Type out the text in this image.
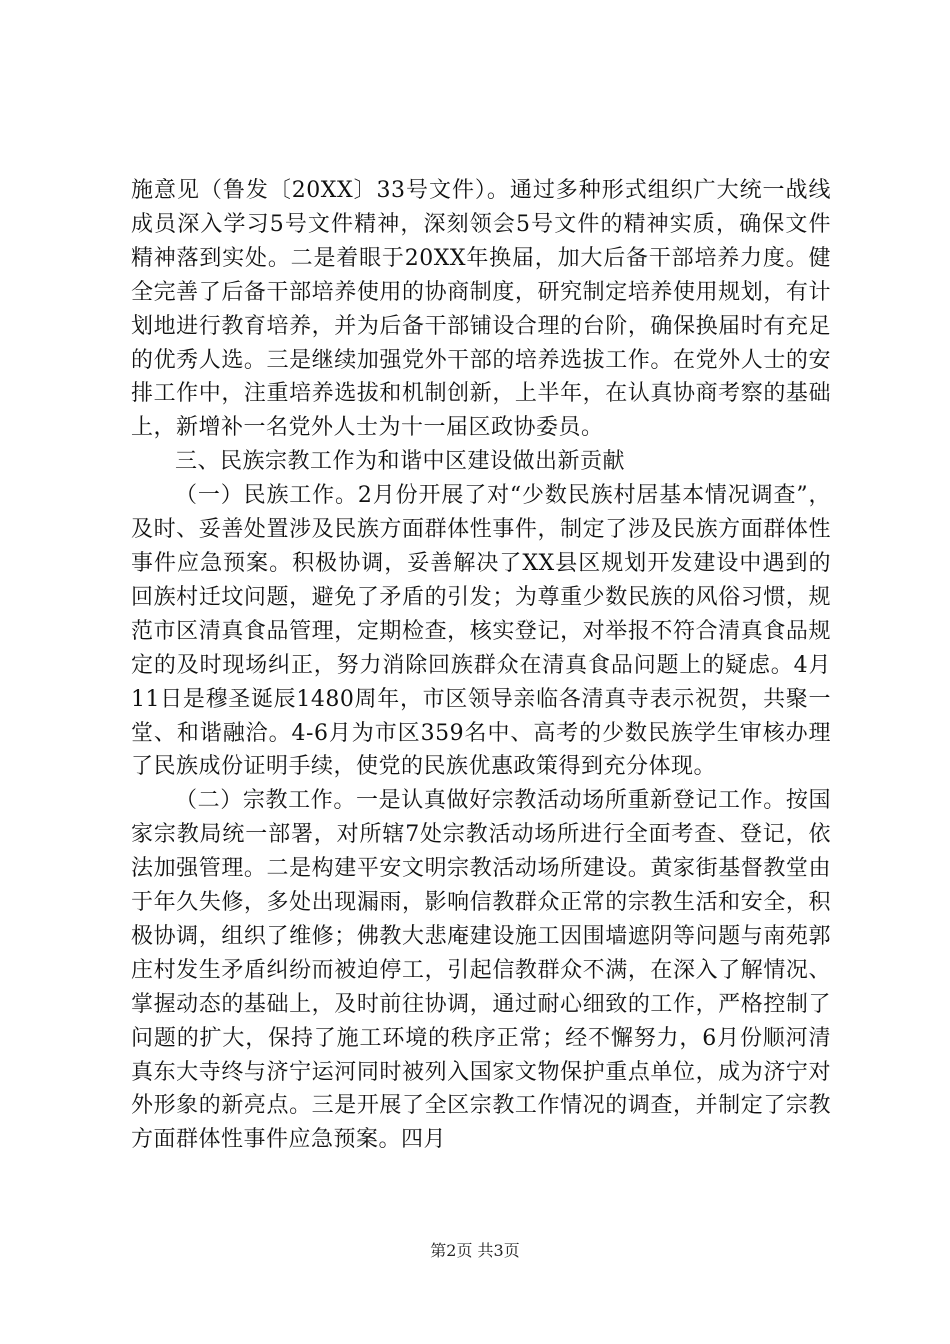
施意见（鲁发〔20XX〕33号文件）。通过多种形式组织广大统一战线成员深入学习5号文件精神，深刻领会5号文件的精神实质，确保文件精神落到实处。二是着眼于20XX年换届，加大后备干部培养力度。健全完善了后备干部培养使用的协商制度，研究制定培养使用规划，有计划地进行教育培养，并为后备干部铺设合理的台阶，确保换届时有充足的优秀人选。三是继续加强党外干部的培养选拔工作。在党外人士的安排工作中，注重培养选拔和机制创新，上半年，在认真协商考察的基础上，新增补一名党外人士为十一届区政协委员。

三、民族宗教工作为和谐中区建设做出新贡献

（一）民族工作。2月份开展了对“少数民族村居基本情况调查”，及时、妥善处置涉及民族方面群体性事件，制定了涉及民族方面群体性事件应急预案。积极协调，妥善解决了XX县区规划开发建设中遇到的回族村迁坟问题，避免了矛盾的引发；为尊重少数民族的风俗习惯，规范市区清真食品管理，定期检查，核实登记，对举报不符合清真食品规定的及时现场纠正，努力消除回族群众在清真食品问题上的疑虑。4月11日是穆圣诞辰1480周年，市区领导亲临各清真寺表示祝贺，共聚一堂、和谐融洽。4-6月为市区359名中、高考的少数民族学生审核办理了民族成份证明手续，使党的民族优惠政策得到充分体现。

（二）宗教工作。一是认真做好宗教活动场所重新登记工作。按国家宗教局统一部署，对所辖7处宗教活动场所进行全面考查、登记，依法加强管理。二是构建平安文明宗教活动场所建设。黄家街基督教堂由于年久失修，多处出现漏雨，影响信教群众正常的宗教生活和安全，积极协调，组织了维修；佛教大悲庵建设施工因围墙遮阴等问题与南苑郭庄村发生矛盾纠纷而被迫停工，引起信教群众不满，在深入了解情况、掌握动态的基础上，及时前往协调，通过耐心细致的工作，严格控制了问题的扩大，保持了施工环境的秩序正常；经不懈努力，6月份顺河清真东大寺终与济宁运河同时被列入国家文物保护重点单位，成为济宁对外形象的新亮点。三是开展了全区宗教工作情况的调查，并制定了宗教方面群体性事件应急预案。四月

第2页 共3页
